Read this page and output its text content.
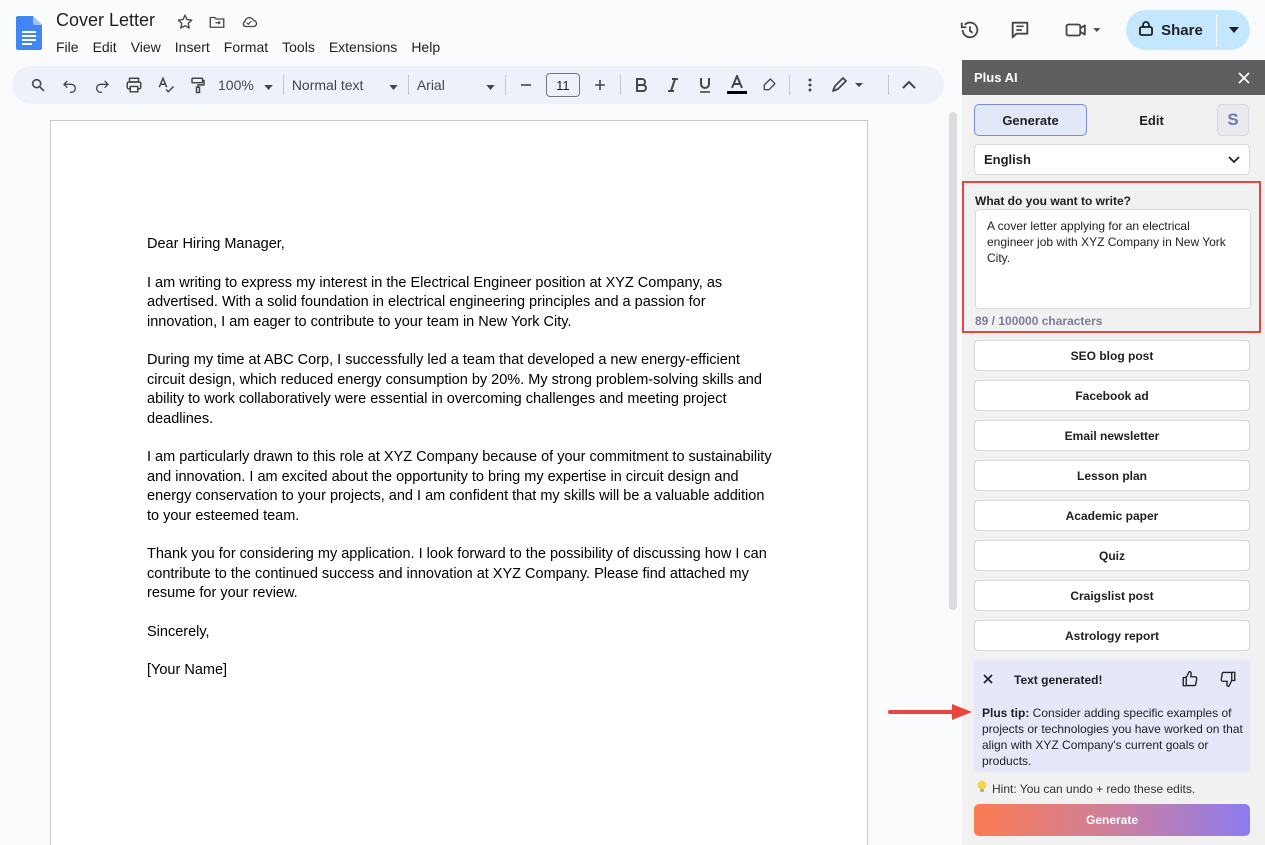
Cover Letter
File	Edit	View	Insert	Format	Tools	Extensions	Help
Share
100%	Normal text	Arial	11

Dear Hiring Manager,

I am writing to express my interest in the Electrical Engineer position at XYZ Company, as advertised. With a solid foundation in electrical engineering principles and a passion for innovation, I am eager to contribute to your team in New York City.

During my time at ABC Corp, I successfully led a team that developed a new energy-efficient circuit design, which reduced energy consumption by 20%. My strong problem-solving skills and ability to work collaboratively were essential in overcoming challenges and meeting project deadlines.

I am particularly drawn to this role at XYZ Company because of your commitment to sustainability and innovation. I am excited about the opportunity to bring my expertise in circuit design and energy conservation to your projects, and I am confident that my skills will be a valuable addition to your esteemed team.

Thank you for considering my application. I look forward to the possibility of discussing how I can contribute to the continued success and innovation at XYZ Company. Please find attached my resume for your review.

Sincerely,

[Your Name]

Plus AI
Generate	Edit	S
English
What do you want to write?
A cover letter applying for an electrical engineer job with XYZ Company in New York City.
89 / 100000 characters
SEO blog post
Facebook ad
Email newsletter
Lesson plan
Academic paper
Quiz
Craigslist post
Astrology report
Text generated!
Plus tip: Consider adding specific examples of projects or technologies you have worked on that align with XYZ Company's current goals or products.
Hint: You can undo + redo these edits.
Generate
